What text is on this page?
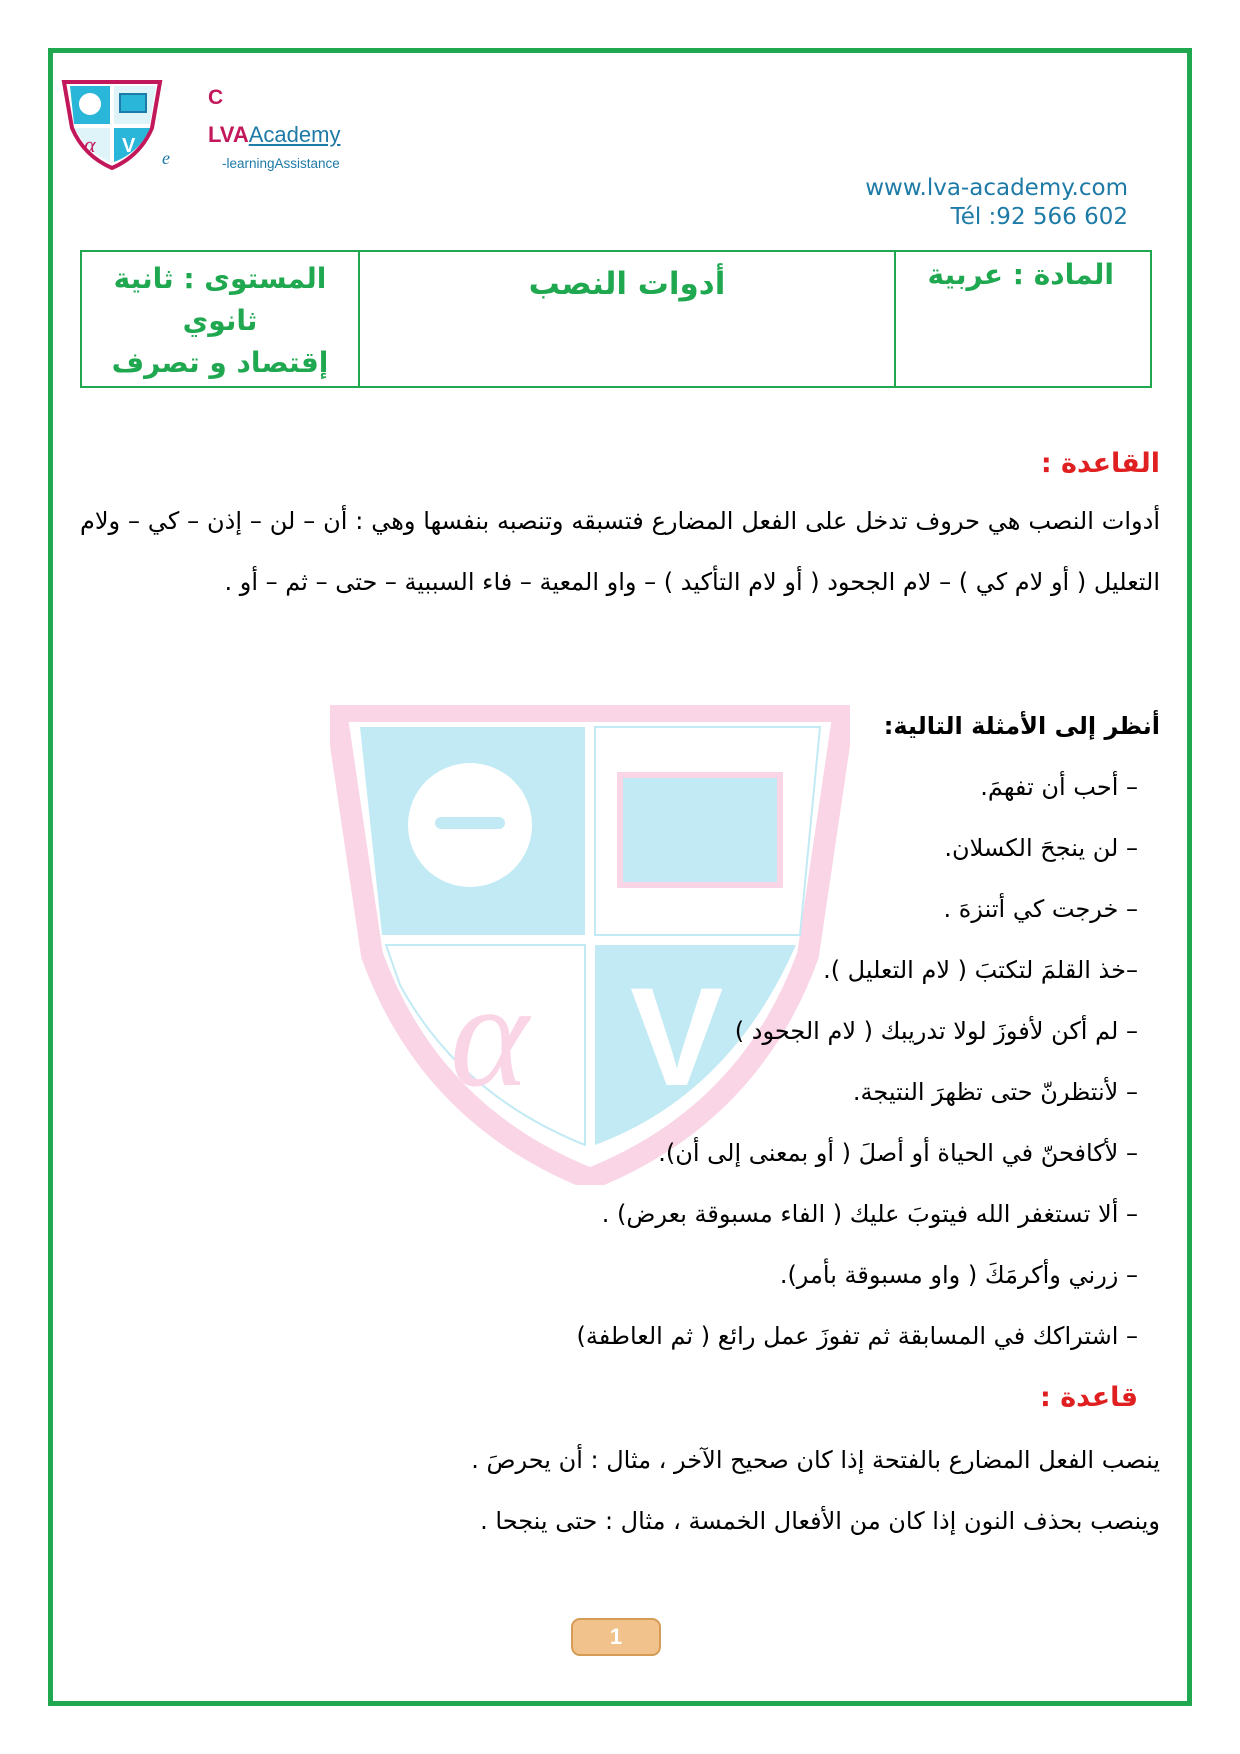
α V
C
e
LVAAcademy
-learningAssistance
www.lva-academy.com
Tél :92 566 602
المادة : عربية
أدوات النصب
المستوى : ثانية
ثانوي
إقتصاد و تصرف
α V
القاعدة :
أدوات النصب هي حروف تدخل على الفعل المضارع فتسبقه وتنصبه بنفسها وهي : أن – لن – إذن – كي – ولام التعليل ( أو لام كي ) – لام الجحود ( أو لام التأكيد ) – واو المعية – فاء السببية – حتى – ثم – أو .
أنظر إلى الأمثلة التالية:
– أحب أن تفهمَ.
– لن ينجحَ الكسلان.
– خرجت كي أتنزهَ .
–خذ القلمَ لتكتبَ ( لام التعليل ).
– لم أكن لأفوزَ لولا تدريبك ( لام الجحود )
– لأنتظرنّ حتى تظهرَ النتيجة.
– لأكافحنّ في الحياة أو أصلَ ( أو بمعنى إلى أن).
– ألا تستغفر الله فيتوبَ عليك ( الفاء مسبوقة بعرض) .
– زرني وأكرمَكَ ( واو مسبوقة بأمر).
– اشتراكك في المسابقة ثم تفوزَ عمل رائع ( ثم العاطفة)
قاعدة :
ينصب الفعل المضارع بالفتحة إذا كان صحيح الآخر ، مثال : أن يحرصَ .
وينصب بحذف النون إذا كان من الأفعال الخمسة ، مثال : حتى ينجحا .
1
